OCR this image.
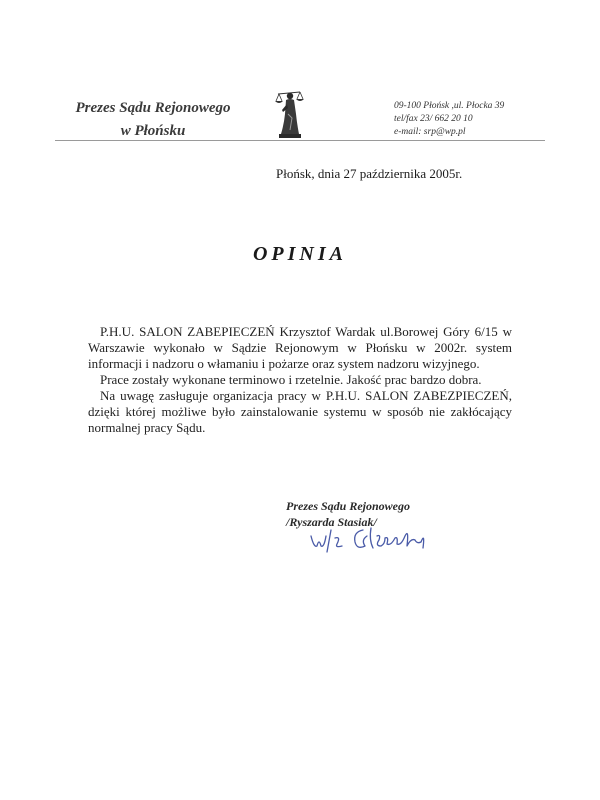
Prezes Sądu Rejonowego
w Płońsku
09-100 Płońsk ,ul. Płocka 39
tel/fax 23/ 662 20 10
e-mail: srp@wp.pl
Płońsk, dnia 27 października 2005r.
OPINIA

P.H.U. SALON ZABEPIECZEŃ Krzysztof Wardak ul.Borowej Góry 6/15 w Warszawie wykonało w Sądzie Rejonowym w Płońsku w 2002r. system informacji i nadzoru o włamaniu i pożarze oraz system nadzoru wizyjnego.

Prace zostały wykonane terminowo i rzetelnie. Jakość prac bardzo dobra.

Na uwagę zasługuje organizacja pracy w P.H.U. SALON ZABEZPIECZEŃ, dzięki której możliwe było zainstalowanie systemu w sposób nie zakłócający normalnej pracy Sądu.

Prezes Sądu Rejonowego
/Ryszarda Stasiak/
